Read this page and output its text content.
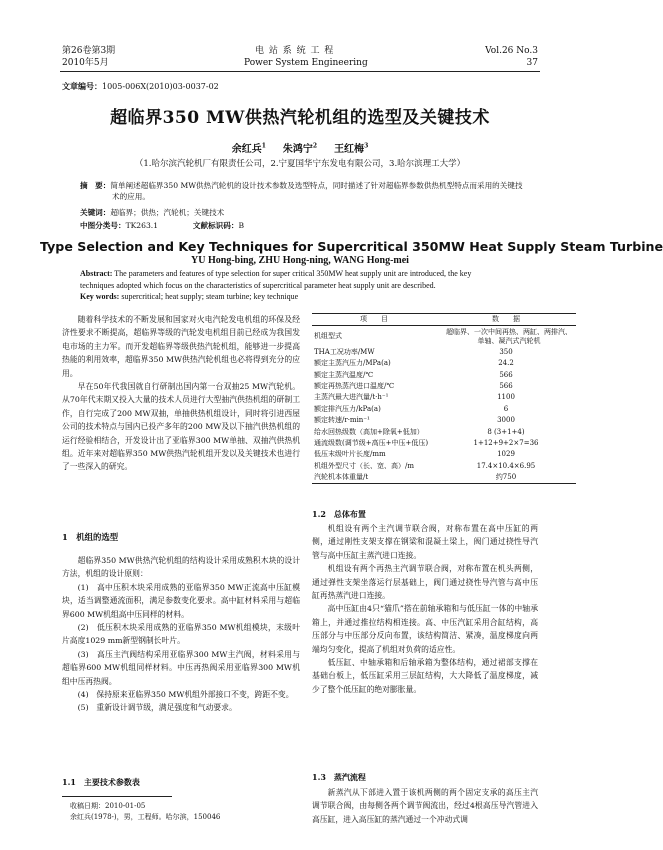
第26卷第3期
2010年5月
电 站 系 统 工 程
Power System Engineering
Vol.26 No.3
37
文章编号：1005-006X(2010)03-0037-02
超临界350 MW供热汽轮机组的选型及关键技术
余红兵$^1$ 朱鸿宁$^2$ 王红梅$^3$
（1.哈尔滨汽轮机厂有限责任公司，2.宁夏国华宁东发电有限公司，3.哈尔滨理工大学）
摘　要：简单阐述超临界350 MW供热汽轮机的设计技术参数及选型特点，同时描述了针对超临界参数供热机型特点而采用的关键技
术的应用。
关键词：超临界；供热；汽轮机；关键技术
中图分类号：TK263.1	文献标识码：B
Type Selection and Key Techniques for Supercritical 350MW Heat Supply Steam Turbine
YU Hong-bing, ZHU Hong-ning, WANG Hong-mei
Abstract: The parameters and features of type selection for super critical 350MW heat supply unit are introduced, the key
techniques adopted which focus on the characteristics of supercritical parameter heat supply unit are described.
Key words: supercritical; heat supply; steam turbine; key technique

随着科学技术的不断发展和国家对火电汽轮发电机组的环保及经济性要求不断提高，超临界等级的汽轮发电机组目前已经成为我国发电市场的主力军。而开发超临界等级供热汽轮机组，能够进一步提高热能的利用效率，超临界350 MW供热汽轮机组也必将得到充分的应用。

早在50年代我国就自行研制出国内第一台双抽25 MW汽轮机。从70年代末期又投入大量的技术人员进行大型抽汽供热机组的研制工作，自行完成了200 MW双抽，单抽供热机组设计，同时将引进西屋公司的技术特点与国内已投产多年的200 MW及以下抽汽供热机组的运行经验相结合，开发设计出了亚临界300 MW单抽、双抽汽供热机组。近年来对超临界350 MW供热汽轮机组开发以及关键技术也进行了一些深入的研究。

1　机组的选型

超临界350 MW供热汽轮机组的结构设计采用成熟积木块的设计方法，机组的设计原则：

(1)　高中压积木块采用成熟的亚临界350 MW正流高中压缸模块，适当调整通流面积，满足参数变化要求。高中缸材料采用与超临界600 MW机组高中压同样的材料。

(2)　低压积木块采用成熟的亚临界350 MW机组模块，末级叶片高度1029 mm新型钢制长叶片。

(3)　高压主汽阀结构采用亚临界300 MW主汽阀，材料采用与超临界600 MW机组同样材料。中压再热阀采用亚临界300 MW机组中压再热阀。

(4)　保持原来亚临界350 MW机组外部接口不变，跨距不变。

(5)　重新设计调节级，满足强度和气动要求。

1.1　主要技术参数表
收稿日期：2010-01-05
余红兵(1978-)，男，工程师。哈尔滨，150046
项　　目	数　　据
机组型式	超临界、一次中间再热、两缸、两排汽、单轴、凝汽式汽轮机
THA工况功率/MW	350
额定主蒸汽压力/MPa(a)	24.2
额定主蒸汽温度/℃	566
额定再热蒸汽进口温度/℃	566
主蒸汽最大进汽量/t·h⁻¹	1100
额定排汽压力/kPa(a)	6
额定转速/r·min⁻¹	3000
给水回热级数（高加+除氧+低加）	8 (3+1+4)
通流级数(调节级+高压+中压+低压)	1+12+9+2×7=36
低压末级叶片长度/mm	1029
机组外型尺寸（长、宽、高）/m	17.4×10.4×6.95
汽轮机本体重量/t	约750
1.2　总体布置

机组设有两个主汽调节联合阀，对称布置在高中压缸的两侧，通过刚性支架支撑在钢梁和混凝土梁上，阀门通过挠性导汽管与高中压缸主蒸汽进口连接。

机组设有两个再热主汽调节联合阀，对称布置在机头两侧，通过弹性支架坐落运行层基础上，阀门通过挠性导汽管与高中压缸再热蒸汽进口连接。

高中压缸由4只“猫爪”搭在前轴承箱和与低压缸一体的中轴承箱上，并通过推拉结构相连接。高、中压汽缸采用合缸结构，高压部分与中压部分反向布置，该结构简洁、紧凑，温度梯度向两端均匀变化，提高了机组对负荷的适应性。

低压缸、中轴承箱和后轴承箱为整体结构，通过裙部支撑在基础台板上，低压缸采用三层缸结构，大大降低了温度梯度，减少了整个低压缸的绝对膨胀量。

1.3　蒸汽流程

新蒸汽从下部进入置于该机两侧的两个固定支承的高压主汽调节联合阀，由每侧各两个调节阀流出，经过4根高压导汽管进入高压缸，进入高压缸的蒸汽通过一个冲动式调
